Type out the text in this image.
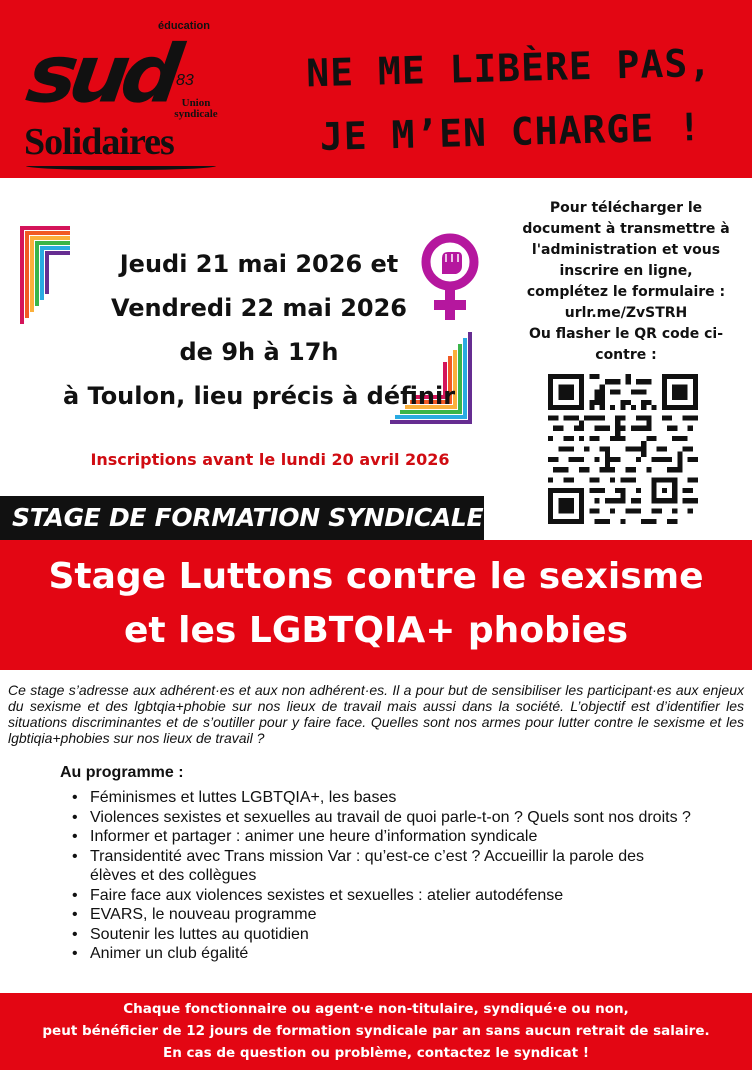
éducation
sud
83
Union syndicale
Solidaires
NE ME LIBÈRE PAS,
JE M’EN CHARGE !
Jeudi 21 mai 2026 et
Vendredi 22 mai 2026
de 9h à 17h
à Toulon, lieu précis à définir
Inscriptions avant le lundi 20 avril 2026
Pour télécharger le
document à transmettre à
l'administration et vous
inscrire en ligne,
complétez le formulaire :
urlr.me/ZvSTRH
Ou flasher le QR code ci-
contre :
STAGE DE FORMATION SYNDICALE
Stage Luttons contre le sexisme
et les LGBTQIA+ phobies

Ce stage s’adresse aux adhérent·es et aux non adhérent·es. Il a pour but de sensibiliser les participant·es aux enjeux du sexisme et des lgbtqia+phobie sur nos lieux de travail mais aussi dans la société. L’objectif est d’identifier les situations discriminantes et de s’outiller pour y faire face. Quelles sont nos armes pour lutter contre le sexisme et les lgbtiqia+phobies sur nos lieux de travail ?

Au programme :
• Féminismes et luttes LGBTQIA+, les bases
• Violences sexistes et sexuelles au travail de quoi parle-t-on ? Quels sont nos droits ?
• Informer et partager : animer une heure d’information syndicale
• Transidentité avec Trans mission Var : qu’est-ce c’est ? Accueillir la parole des élèves et des collègues
• Faire face aux violences sexistes et sexuelles : atelier autodéfense
• EVARS, le nouveau programme
• Soutenir les luttes au quotidien
• Animer un club égalité
Chaque fonctionnaire ou agent·e non-titulaire, syndiqué·e ou non,
peut bénéficier de 12 jours de formation syndicale par an sans aucun retrait de salaire.
En cas de question ou problème, contactez le syndicat !
